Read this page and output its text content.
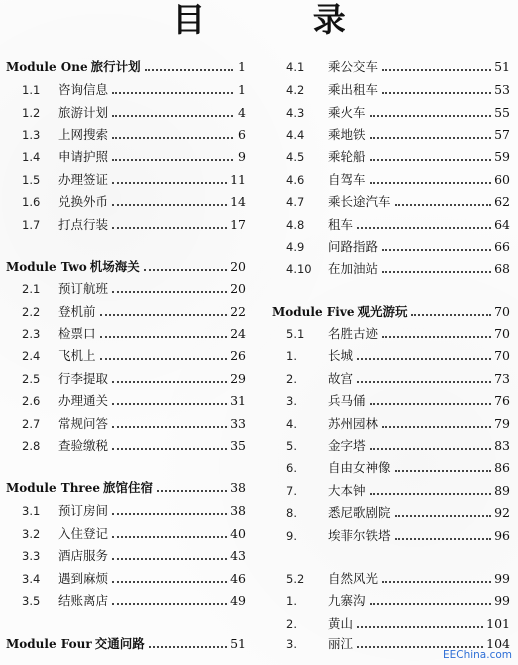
目 录
Module One 旅行计划	1
1.1	咨询信息	1
1.2	旅游计划	4
1.3	上网搜索	6
1.4	申请护照	9
1.5	办理签证	11
1.6	兑换外币	14
1.7	打点行装	17
Module Two 机场海关	20
2.1	预订航班	20
2.2	登机前	22
2.3	检票口	24
2.4	飞机上	26
2.5	行李提取	29
2.6	办理通关	31
2.7	常规问答	33
2.8	查验缴税	35
Module Three 旅馆住宿	38
3.1	预订房间	38
3.2	入住登记	40
3.3	酒店服务	43
3.4	遇到麻烦	46
3.5	结账离店	49
Module Four 交通问路	51
4.1	乘公交车	51
4.2	乘出租车	53
4.3	乘火车	55
4.4	乘地铁	57
4.5	乘轮船	59
4.6	自驾车	60
4.7	乘长途汽车	62
4.8	租车	64
4.9	问路指路	66
4.10	在加油站	68
Module Five 观光游玩	70
5.1	名胜古迹	70
1.	长城	70
2.	故宫	73
3.	兵马俑	76
4.	苏州园林	79
5.	金字塔	83
6.	自由女神像	86
7.	大本钟	89
8.	悉尼歌剧院	92
9.	埃菲尔铁塔	96
5.2	自然风光	99
1.	九寨沟	99
2.	黄山	101
3.	丽江	104
EEChina.com
